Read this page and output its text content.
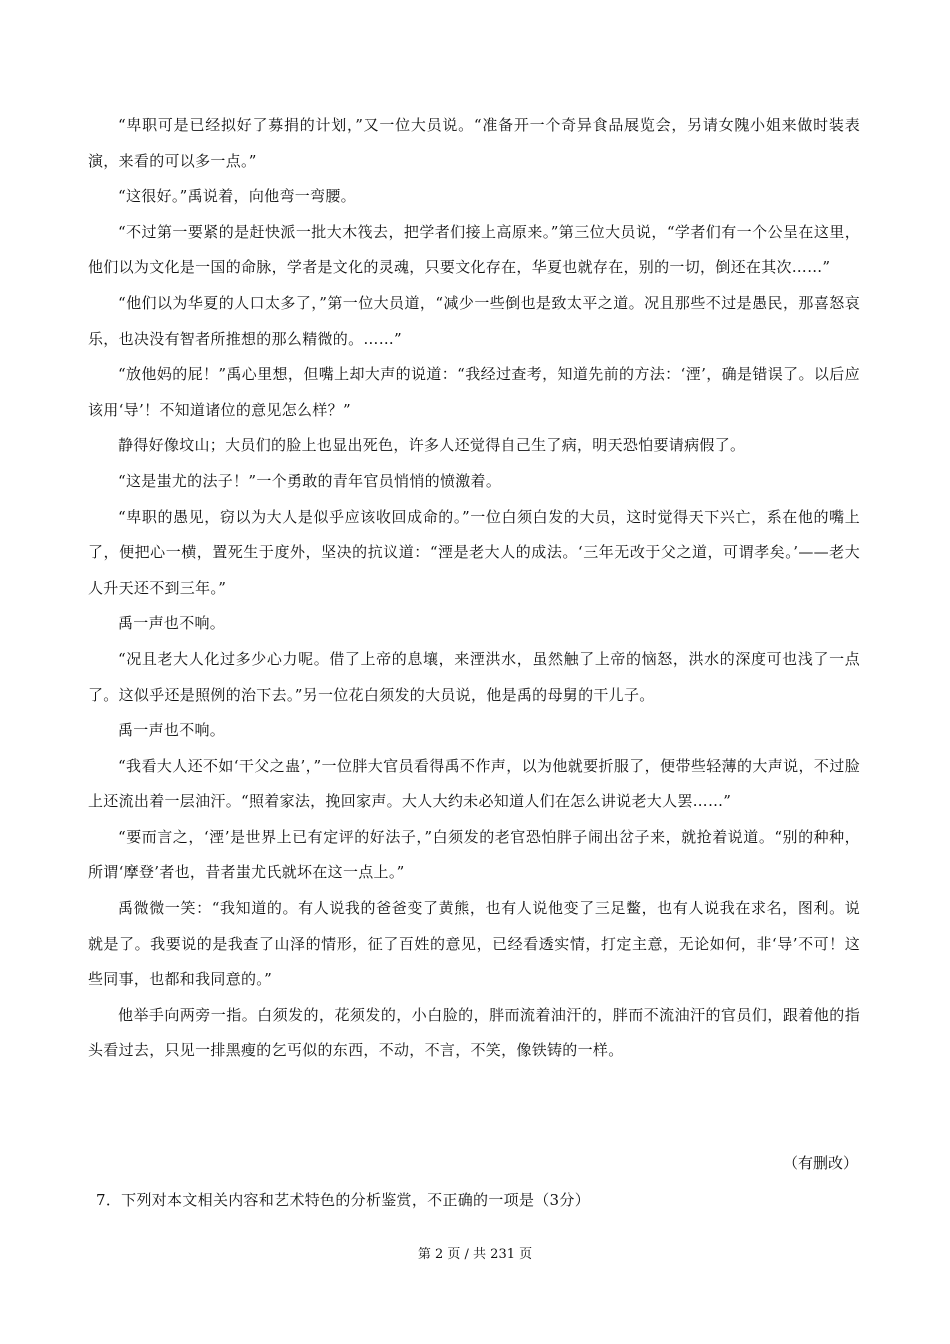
“卑职可是已经拟好了募捐的计划，”又一位大员说。“准备开一个奇异食品展览会，另请女隗小姐来做时装表演，来看的可以多一点。”

“这很好。”禹说着，向他弯一弯腰。

“不过第一要紧的是赶快派一批大木筏去，把学者们接上高原来。”第三位大员说，“学者们有一个公呈在这里，他们以为文化是一国的命脉，学者是文化的灵魂，只要文化存在，华夏也就存在，别的一切，倒还在其次……”

“他们以为华夏的人口太多了，”第一位大员道，“减少一些倒也是致太平之道。况且那些不过是愚民，那喜怒哀乐，也决没有智者所推想的那么精微的。……”

“放他妈的屁！”禹心里想，但嘴上却大声的说道：“我经过查考，知道先前的方法：‘湮’，确是错误了。以后应该用‘导’！不知道诸位的意见怎么样？”

静得好像坟山；大员们的脸上也显出死色，许多人还觉得自己生了病，明天恐怕要请病假了。

“这是蚩尤的法子！”一个勇敢的青年官员悄悄的愤激着。

“卑职的愚见，窃以为大人是似乎应该收回成命的。”一位白须白发的大员，这时觉得天下兴亡，系在他的嘴上了，便把心一横，置死生于度外，坚决的抗议道：“湮是老大人的成法。‘三年无改于父之道，可谓孝矣。’——老大人升天还不到三年。”

禹一声也不响。

“况且老大人化过多少心力呢。借了上帝的息壤，来湮洪水，虽然触了上帝的恼怒，洪水的深度可也浅了一点了。这似乎还是照例的治下去。”另一位花白须发的大员说，他是禹的母舅的干儿子。

禹一声也不响。

“我看大人还不如‘干父之蛊’，”一位胖大官员看得禹不作声，以为他就要折服了，便带些轻薄的大声说，不过脸上还流出着一层油汗。“照着家法，挽回家声。大人大约未必知道人们在怎么讲说老大人罢……”

“要而言之，‘湮’是世界上已有定评的好法子，”白须发的老官恐怕胖子闹出岔子来，就抢着说道。“别的种种，所谓‘摩登’者也，昔者蚩尤氏就坏在这一点上。”

禹微微一笑：“我知道的。有人说我的爸爸变了黄熊，也有人说他变了三足鳖，也有人说我在求名，图利。说就是了。我要说的是我查了山泽的情形，征了百姓的意见，已经看透实情，打定主意，无论如何，非‘导’不可！这些同事，也都和我同意的。”

他举手向两旁一指。白须发的，花须发的，小白脸的，胖而流着油汗的，胖而不流油汗的官员们，跟着他的指头看过去，只见一排黑瘦的乞丐似的东西，不动，不言，不笑，像铁铸的一样。

（有删改）
7．下列对本文相关内容和艺术特色的分析鉴赏，不正确的一项是（3分）
第 2 页 / 共 231 页
